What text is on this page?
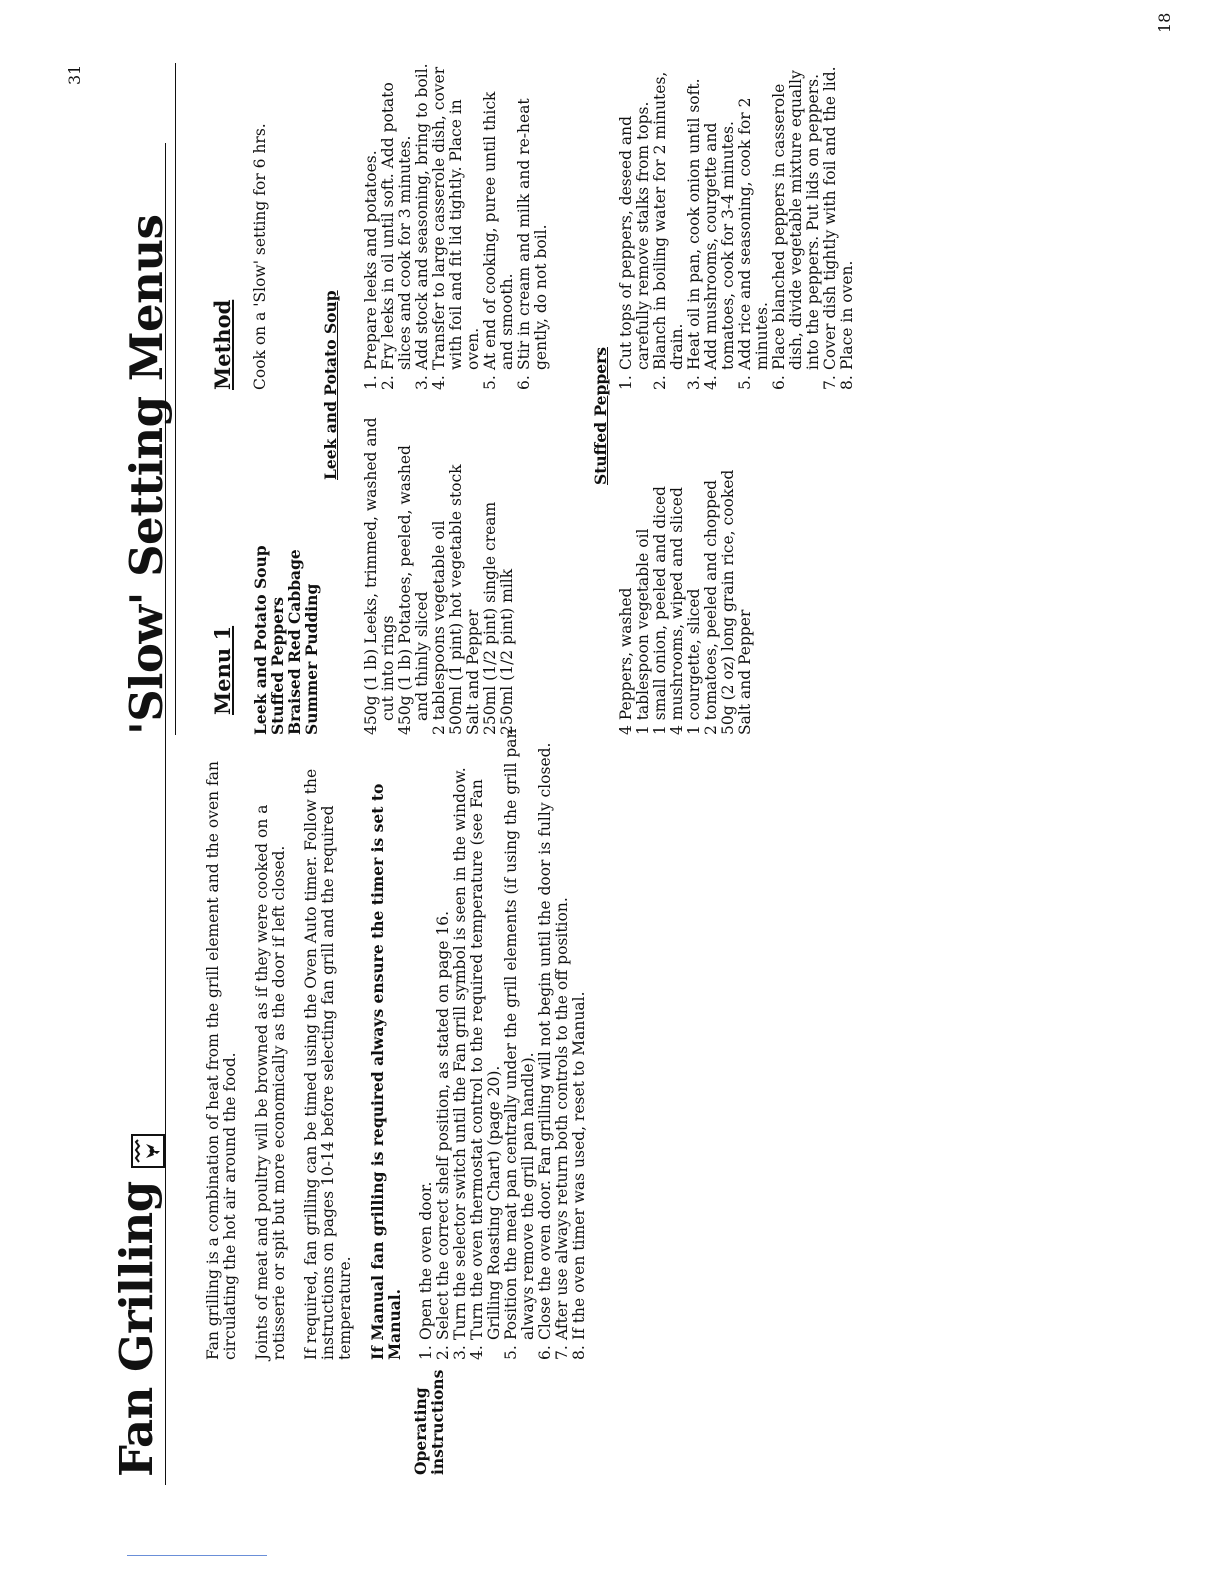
18
Fan Grilling	Operating instructions

Fan grilling is a combination of heat from the grill element and the oven fan circulating the hot air around the food. Joints of meat and poultry will be browned as if they were cooked on a rotisserie or spit but more economically as the door if left closed. If required, fan grilling can be timed using the Oven Auto timer. Follow the instructions on pages 10-14 before selecting fan grill and the required temperature. If Manual fan grilling is required always ensure the timer is set to Manual. 1.
Open the oven door.
2.
Select the correct shelf position, as stated on page 16.
3.
Turn the selector switch until the Fan grill symbol is seen in the window.
4.
Turn the oven thermostat control to the required temperature (see Fan Grilling Roasting Chart) (page 20).
5.
Position the meat pan centrally under the grill elements (if using the grill pan always remove the grill pan handle).
6.
Close the oven door. Fan grilling will not begin until the door is fully closed.
7.
After use always return both controls to the off position.
8.
If the oven timer was used, reset to Manual.
31
'Slow' Setting Menus Menu 1
Method
Leek and Potato Soup
Stuffed Peppers
Braised Red Cabbage
Summer Pudding
Cook on a 'Slow' setting for 6 hrs.	Leek and Potato Soup
450g (1 lb) Leeks, trimmed, washed and cut into rings 450g (1 lb) Potatoes, peeled, washed and thinly sliced 2 tablespoons vegetable oil 500ml (1 pint) hot vegetable stock Salt and Pepper 250ml (1/2 pint) single cream 250ml (1/2 pint) milk
1.
Prepare leeks and potatoes.
2.
Fry leeks in oil until soft. Add potato slices and cook for 3 minutes.
3.
Add stock and seasoning, bring to boil.
4.
Transfer to large casserole dish, cover with foil and fit lid tightly. Place in oven.
5.
At end of cooking, puree until thick and smooth.
6.
Stir in cream and milk and re-heat gently, do not boil.
Stuffed Peppers
4 Peppers, washed 1 tablespoon vegetable oil 1 small onion, peeled and diced 4 mushrooms, wiped and sliced 1 courgette, sliced 2 tomatoes, peeled and chopped 50g (2 oz) long grain rice, cooked Salt and Pepper
1.
Cut tops of peppers, deseed and carefully remove stalks from tops.
2.
Blanch in boiling water for 2 minutes, drain.
3.
Heat oil in pan, cook onion until soft.
4.
Add mushrooms, courgette and tomatoes, cook for 3-4 minutes.
5.
Add rice and seasoning, cook for 2 minutes.
6.
Place blanched peppers in casserole dish, divide vegetable mixture equally into the peppers. Put lids on peppers.
7.
Cover dish tightly with foil and the lid.
8.
Place in oven.
